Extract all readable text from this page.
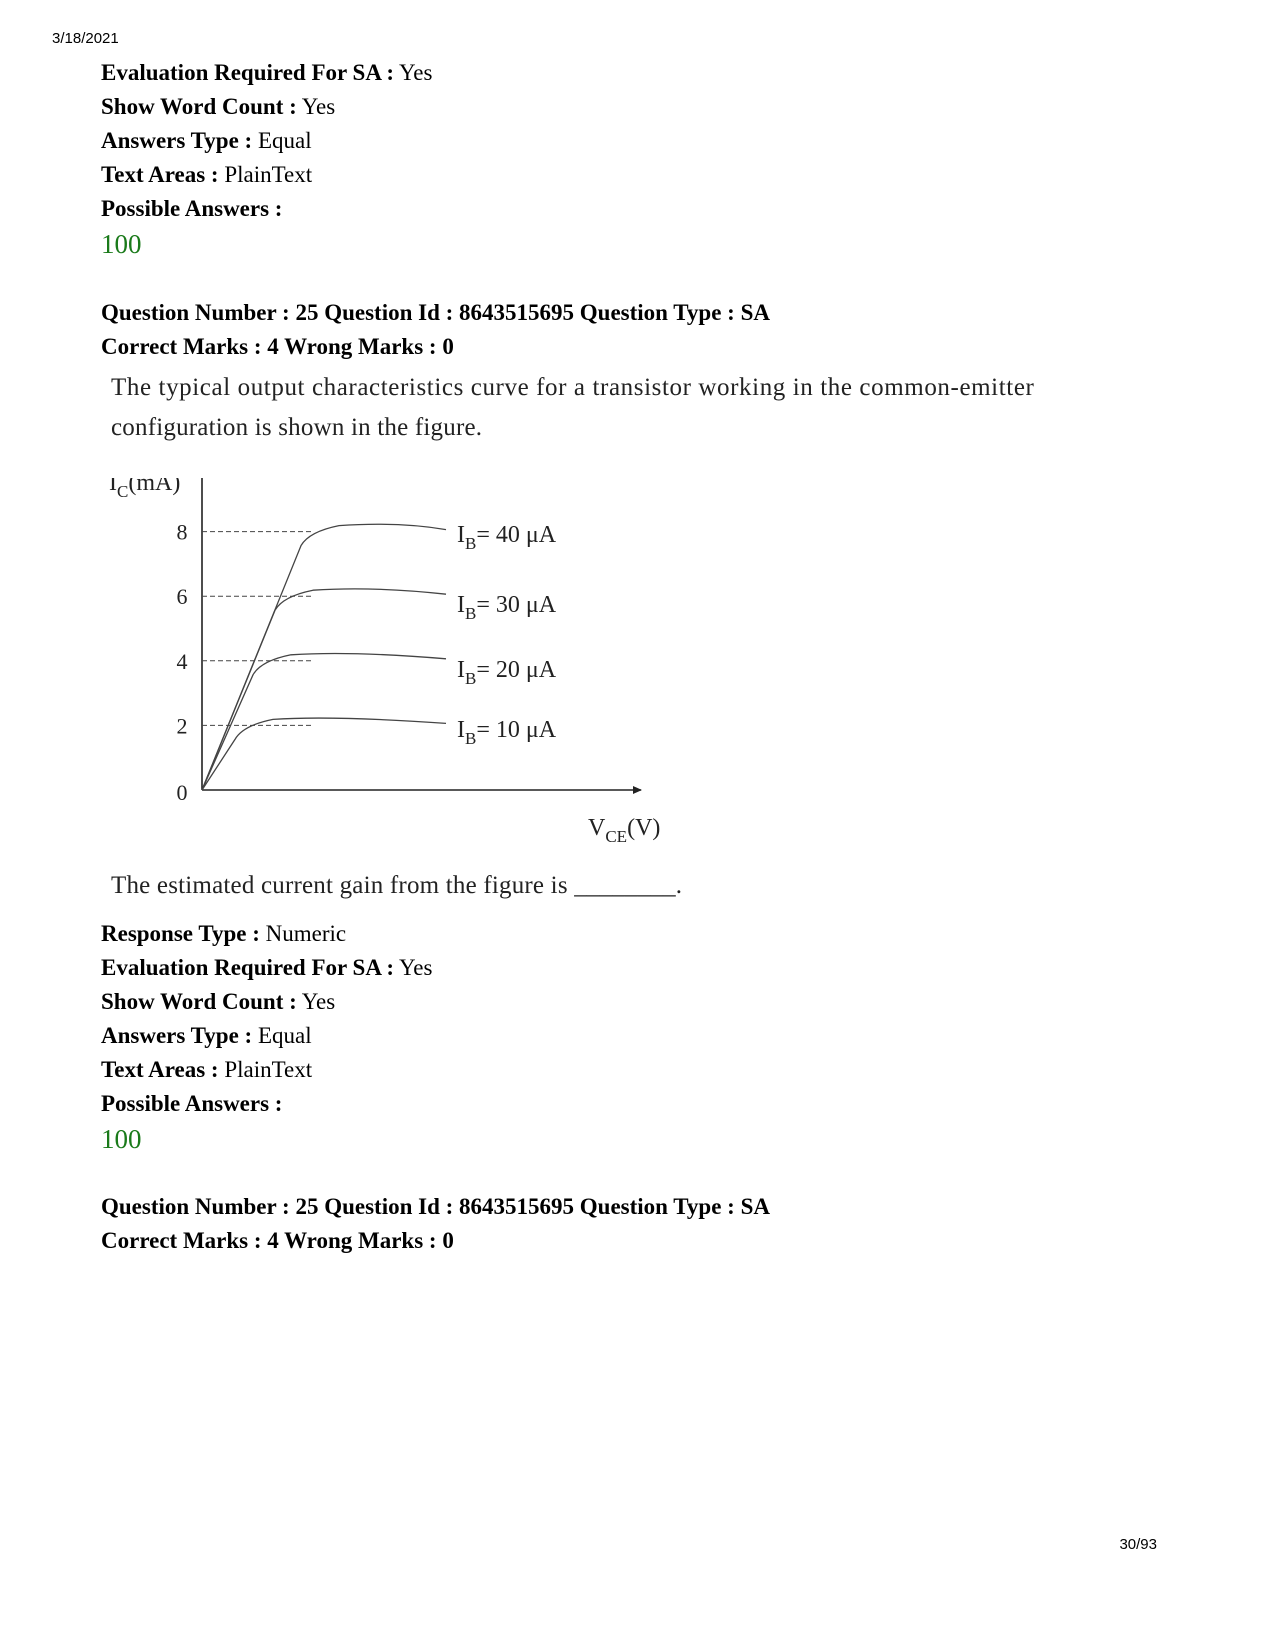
3/18/2021
Evaluation Required For SA : Yes
Show Word Count : Yes
Answers Type : Equal
Text Areas : PlainText
Possible Answers :
100
Question Number : 25 Question Id : 8643515695 Question Type : SA
Correct Marks : 4 Wrong Marks : 0
The typical output characteristics curve for a transistor working in the common-emitter
configuration is shown in the figure.
0
2
4
6
8
$I_C(mA)$
$V_{CE}(V)$
$I_B= 40$ μA
$I_B= 30$ μA
$I_B= 20$ μA
$I_B= 10$ μA
The estimated current gain from the figure is ________.
Response Type : Numeric
Evaluation Required For SA : Yes
Show Word Count : Yes
Answers Type : Equal
Text Areas : PlainText
Possible Answers :
100
Question Number : 25 Question Id : 8643515695 Question Type : SA
Correct Marks : 4 Wrong Marks : 0
30/93
